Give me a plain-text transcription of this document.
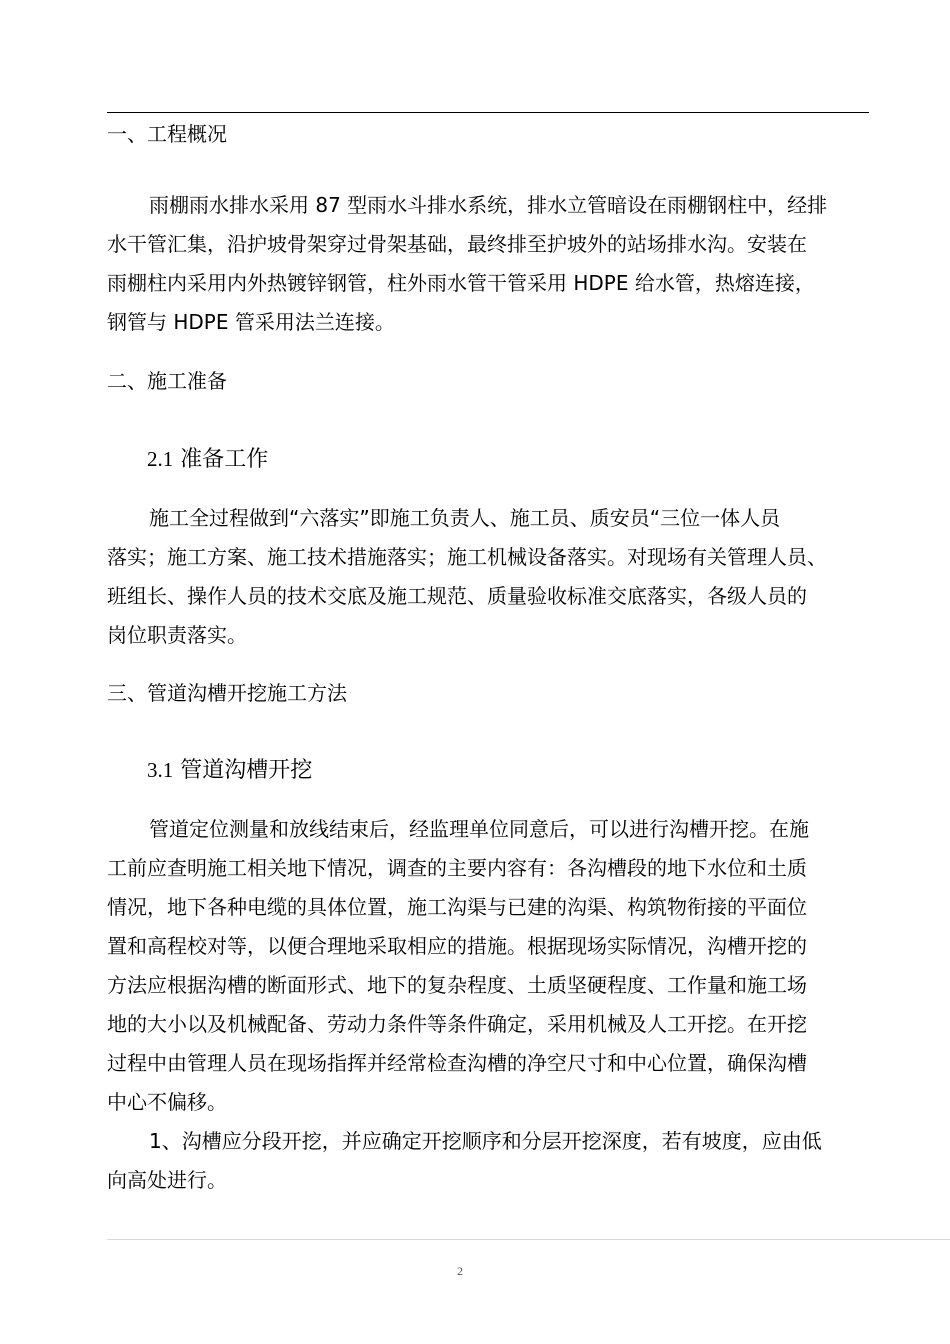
一、工程概况
雨棚雨水排水采用 87 型雨水斗排水系统，排水立管暗设在雨棚钢柱中，经排
水干管汇集，沿护坡骨架穿过骨架基础，最终排至护坡外的站场排水沟。安装在
雨棚柱内采用内外热镀锌钢管，柱外雨水管干管采用 HDPE 给水管，热熔连接，
钢管与 HDPE 管采用法兰连接。
二、施工准备
2.1 准备工作
施工全过程做到“六落实”即施工负责人、施工员、质安员“三位一体人员
落实；施工方案、施工技术措施落实；施工机械设备落实。对现场有关管理人员、
班组长、操作人员的技术交底及施工规范、质量验收标准交底落实，各级人员的
岗位职责落实。
三、管道沟槽开挖施工方法
3.1 管道沟槽开挖
管道定位测量和放线结束后，经监理单位同意后，可以进行沟槽开挖。在施
工前应查明施工相关地下情况，调查的主要内容有：各沟槽段的地下水位和土质
情况，地下各种电缆的具体位置，施工沟渠与已建的沟渠、构筑物衔接的平面位
置和高程校对等，以便合理地采取相应的措施。根据现场实际情况，沟槽开挖的
方法应根据沟槽的断面形式、地下的复杂程度、土质坚硬程度、工作量和施工场
地的大小以及机械配备、劳动力条件等条件确定，采用机械及人工开挖。在开挖
过程中由管理人员在现场指挥并经常检查沟槽的净空尺寸和中心位置，确保沟槽
中心不偏移。
1、沟槽应分段开挖，并应确定开挖顺序和分层开挖深度，若有坡度，应由低
向高处进行。
2
